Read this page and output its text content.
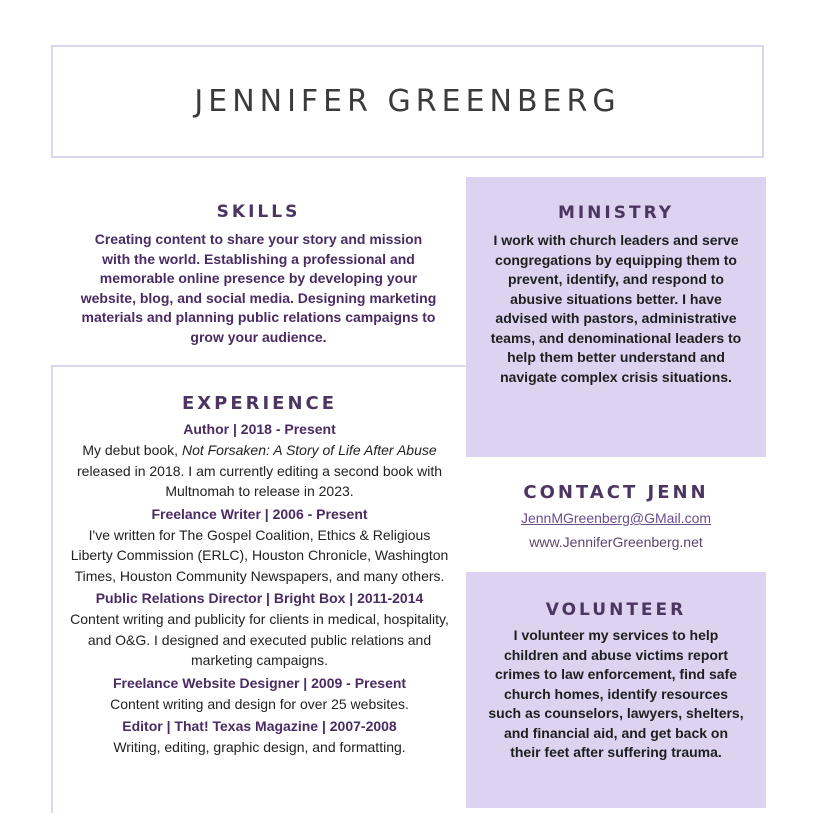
JENNIFER GREENBERG
SKILLS
Creating content to share your story and mission with the world. Establishing a professional and memorable online presence by developing your website, blog, and social media. Designing marketing materials and planning public relations campaigns to grow your audience.
EXPERIENCE

Author | 2018 - Present

My debut book, Not Forsaken: A Story of Life After Abuse released in 2018. I am currently editing a second book with Multnomah to release in 2023.

Freelance Writer | 2006 - Present

I've written for The Gospel Coalition, Ethics & Religious Liberty Commission (ERLC), Houston Chronicle, Washington Times, Houston Community Newspapers, and many others.

Public Relations Director | Bright Box | 2011-2014

Content writing and publicity for clients in medical, hospitality, and O&G. I designed and executed public relations and marketing campaigns.

Freelance Website Designer | 2009 - Present

Content writing and design for over 25 websites.

Editor | That! Texas Magazine | 2007-2008

Writing, editing, graphic design, and formatting.

MINISTRY
I work with church leaders and serve congregations by equipping them to prevent, identify, and respond to abusive situations better. I have advised with pastors, administrative teams, and denominational leaders to help them better understand and navigate complex crisis situations.
CONTACT JENN
JennMGreenberg@GMail.com
www.JenniferGreenberg.net
VOLUNTEER
I volunteer my services to help children and abuse victims report crimes to law enforcement, find safe church homes, identify resources such as counselors, lawyers, shelters, and financial aid, and get back on their feet after suffering trauma.
